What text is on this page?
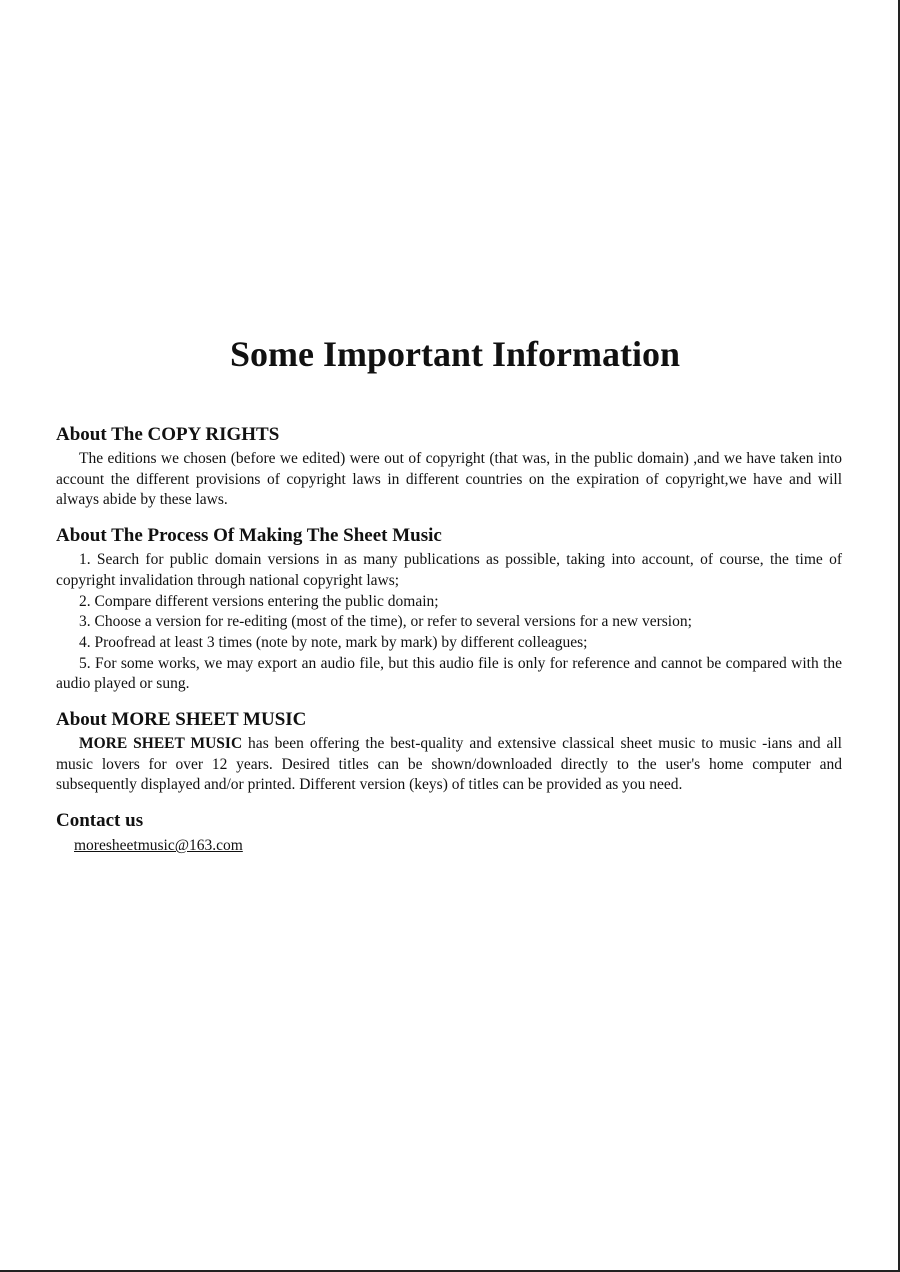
Some Important Information
About The COPY RIGHTS

The editions we chosen (before we edited) were out of copyright (that was, in the public domain) ,and we have taken into account the different provisions of copyright laws in different countries on the expiration of copyright,we have and will always abide by these laws.

About The Process Of Making The Sheet Music

1. Search for public domain versions in as many publications as possible, taking into account, of course, the time of copyright invalidation through national copyright laws;

2. Compare different versions entering the public domain;

3. Choose a version for re-editing (most of the time), or refer to several versions for a new version;

4. Proofread at least 3 times (note by note, mark by mark) by different colleagues;

5. For some works, we may export an audio file, but this audio file is only for reference and cannot be compared with the audio played or sung.

About MORE SHEET MUSIC

MORE SHEET MUSIC has been offering the best-quality and extensive classical sheet music to music -ians and all music lovers for over 12 years. Desired titles can be shown/downloaded directly to the user's home computer and subsequently displayed and/or printed. Different version (keys) of titles can be provided as you need.

Contact us
moresheetmusic@163.com
